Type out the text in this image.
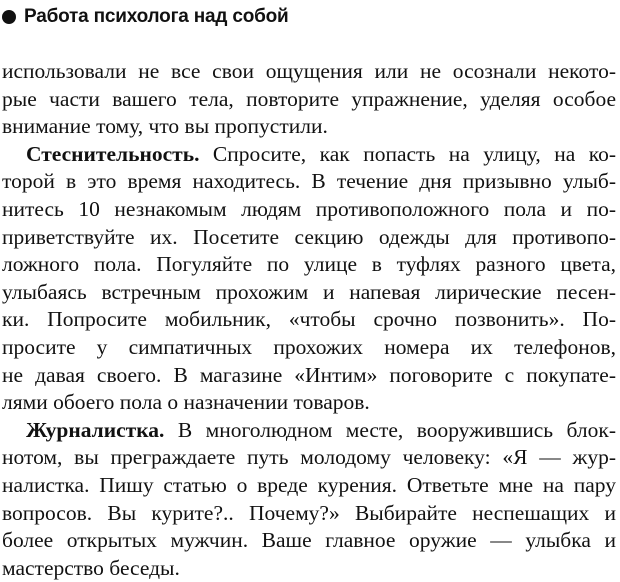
Работа психолога над собой
использовали не все свои ощущения или не осознали некото-
рые части вашего тела, повторите упражнение, уделяя особое
внимание тому, что вы пропустили.
Стеснительность. Спросите, как попасть на улицу, на ко-
торой в это время находитесь. В течение дня призывно улыб-
нитесь 10 незнакомым людям противоположного пола и по-
приветствуйте их. Посетите секцию одежды для противопо-
ложного пола. Погуляйте по улице в туфлях разного цвета,
улыбаясь встречным прохожим и напевая лирические песен-
ки. Попросите мобильник, «чтобы срочно позвонить». По-
просите у симпатичных прохожих номера их телефонов,
не давая своего. В магазине «Интим» поговорите с покупате-
лями обоего пола о назначении товаров.
Журналистка. В многолюдном месте, вооружившись блок-
нотом, вы преграждаете путь молодому человеку: «Я — жур-
налистка. Пишу статью о вреде курения. Ответьте мне на пару
вопросов. Вы курите?.. Почему?» Выбирайте неспешащих и
более открытых мужчин. Ваше главное оружие — улыбка и
мастерство беседы.
